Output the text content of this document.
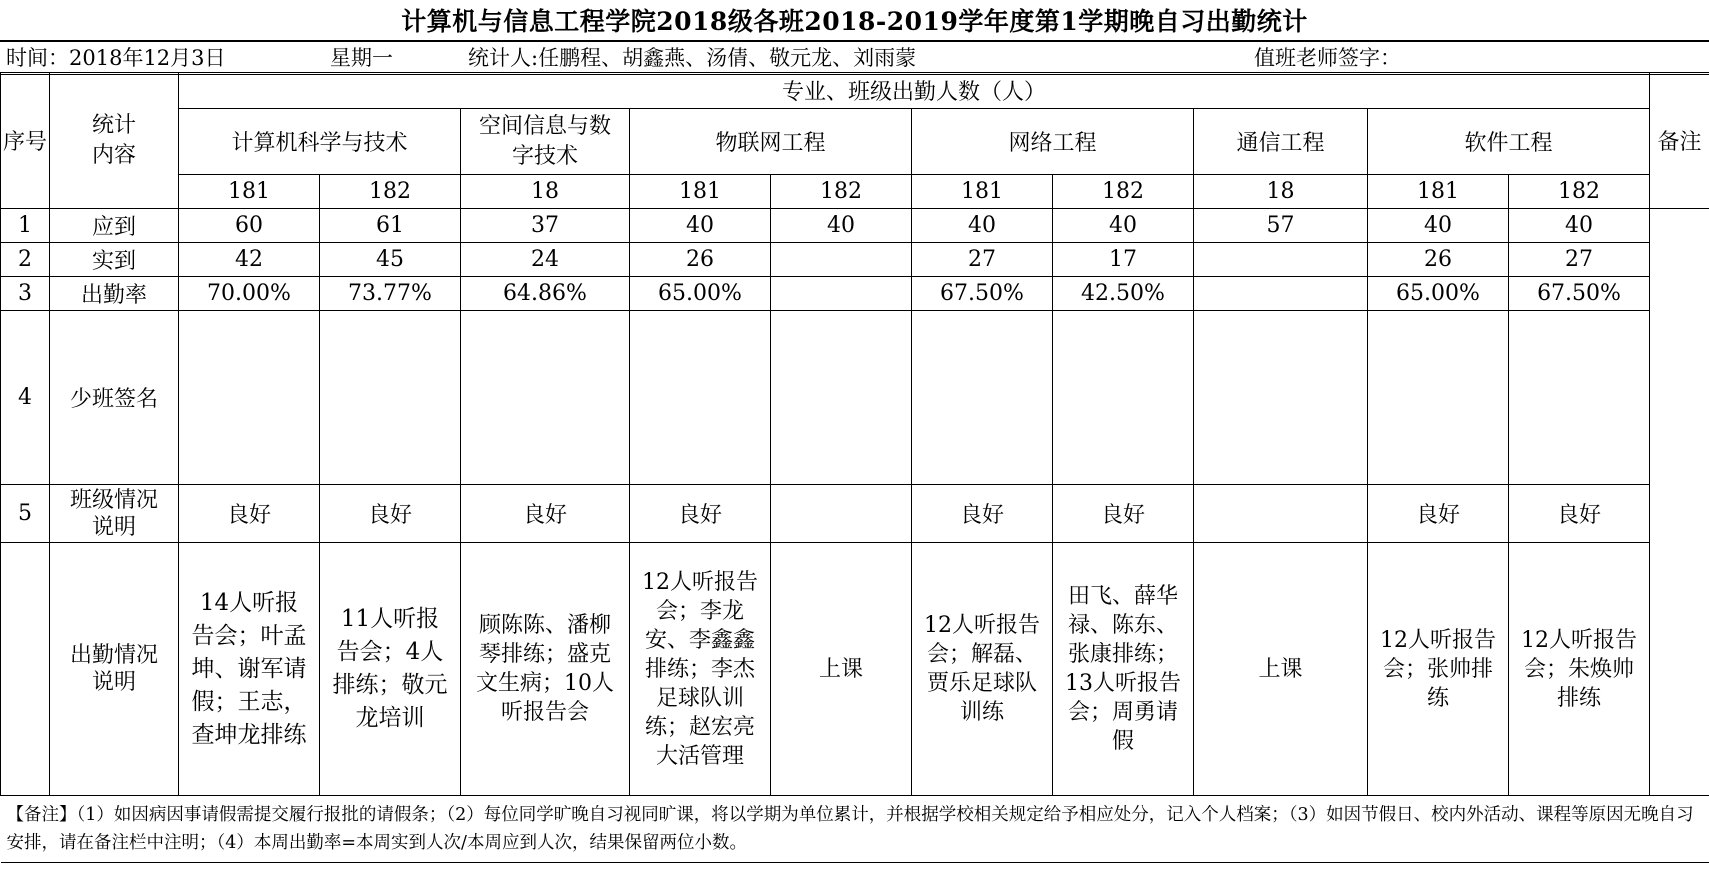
计算机与信息工程学院2018级各班2018-2019学年度第1学期晚自习出勤统计
时间：2018年12月3日	星期一	统计人:任鹏程、胡鑫燕、汤倩、敬元龙、刘雨蒙	值班老师签字：
序号	统计内容	专业、班级出勤人数（人）										备注
		计算机科学与技术		空间信息与数字技术	物联网工程		网络工程		通信工程	软件工程		
		181	182	18	181	182	181	182	18	181	182	
1	应到	60	61	37	40	40	40	40	57	40	40	
2	实到	42	45	24	26		27	17		26	27	
3	出勤率	70.00%	73.77%	64.86%	65.00%		67.50%	42.50%		65.00%	67.50%	
4	少班签名											
5	班级情况说明	良好	良好	良好	良好		良好	良好		良好	良好	

	出勤情况说明	14人听报告会；叶孟坤、谢军请假；王志，查坤龙排练	11人听报告会；4人排练；敬元龙培训	顾陈陈、潘柳琴排练；盛克文生病；10人听报告会	12人听报告会；李龙安、李鑫鑫排练；李杰足球队训练；赵宏亮大活管理	上课	12人听报告会；解磊、贾乐足球队训练	田飞、薛华禄、陈东、张康排练；13人听报告会；周勇请假	上课	12人听报告会；张帅排练	12人听报告会；朱焕帅排练	

【备注】（1）如因病因事请假需提交履行报批的请假条；（2）每位同学旷晚自习视同旷课，将以学期为单位累计，并根据学校相关规定给予相应处分，记入个人档案；（3）如因节假日、校内外活动、课程等原因无晚自习安排，请在备注栏中注明；（4）本周出勤率=本周实到人次/本周应到人次，结果保留两位小数。												
